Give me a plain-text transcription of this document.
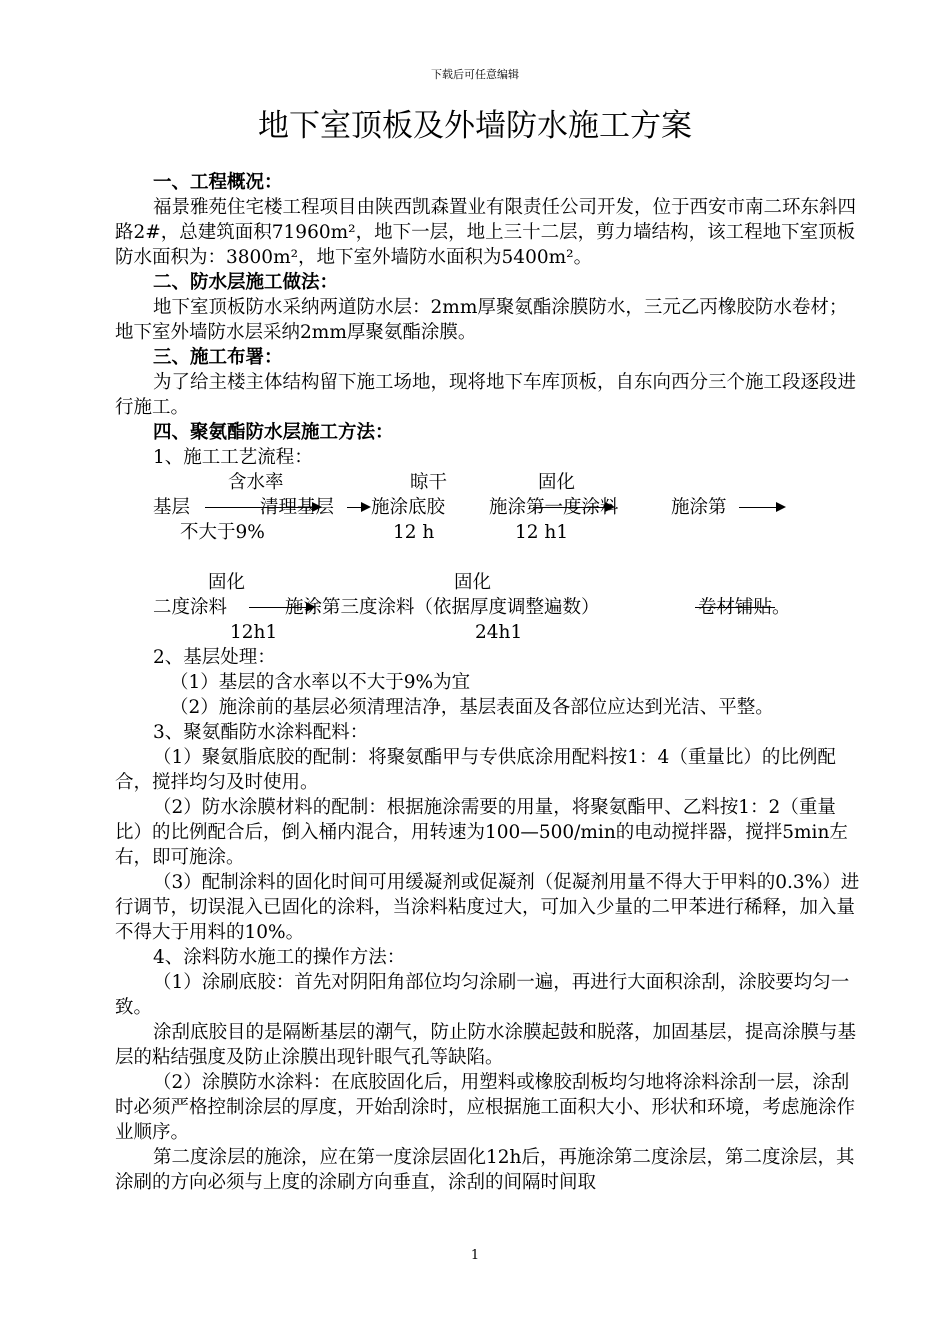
下载后可任意编辑
地下室顶板及外墙防水施工方案

一、工程概况：

福景雅苑住宅楼工程项目由陕西凯森置业有限责任公司开发，位于西安市南二环东斜四路2#，总建筑面积71960m²，地下一层，地上三十二层，剪力墙结构，该工程地下室顶板防水面积为：3800m²，地下室外墙防水面积为5400m²。

二、防水层施工做法：

地下室顶板防水采纳两道防水层：2mm厚聚氨酯涂膜防水，三元乙丙橡胶防水卷材；地下室外墙防水层采纳2mm厚聚氨酯涂膜。

三、施工布署：

为了给主楼主体结构留下施工场地，现将地下车库顶板，自东向西分三个施工段逐段进行施工。

四、聚氨酯防水层施工方法：

1、施工工艺流程：

含水率	晾干	固化
基层	清理基层 施涂底胶 施涂第一度涂料	施涂第
不大于9%	12 h	12 h1
固化	固化
二度涂料	施涂第三度涂料（依据厚度调整遍数）	卷材铺贴。
12h1	24h1

2、基层处理：

（1）基层的含水率以不大于9%为宜

（2）施涂前的基层必须清理洁净，基层表面及各部位应达到光洁、平整。

3、聚氨酯防水涂料配料：

（1）聚氨脂底胶的配制：将聚氨酯甲与专供底涂用配料按1：4（重量比）的比例配合，搅拌均匀及时使用。

（2）防水涂膜材料的配制：根据施涂需要的用量，将聚氨酯甲、乙料按1：2（重量比）的比例配合后，倒入桶内混合，用转速为100—500/min的电动搅拌器，搅拌5min左右，即可施涂。

（3）配制涂料的固化时间可用缓凝剂或促凝剂（促凝剂用量不得大于甲料的0.3%）进行调节，切误混入已固化的涂料，当涂料粘度过大，可加入少量的二甲苯进行稀释，加入量不得大于用料的10%。

4、涂料防水施工的操作方法：

（1）涂刷底胶：首先对阴阳角部位均匀涂刷一遍，再进行大面积涂刮，涂胶要均匀一致。

涂刮底胶目的是隔断基层的潮气，防止防水涂膜起鼓和脱落，加固基层，提高涂膜与基层的粘结强度及防止涂膜出现针眼气孔等缺陷。

（2）涂膜防水涂料：在底胶固化后，用塑料或橡胶刮板均匀地将涂料涂刮一层，涂刮时必须严格控制涂层的厚度，开始刮涂时，应根据施工面积大小、形状和环境，考虑施涂作业顺序。

第二度涂层的施涂，应在第一度涂层固化12h后，再施涂第二度涂层，第二度涂层，其涂刷的方向必须与上度的涂刷方向垂直，涂刮的间隔时间取

1
